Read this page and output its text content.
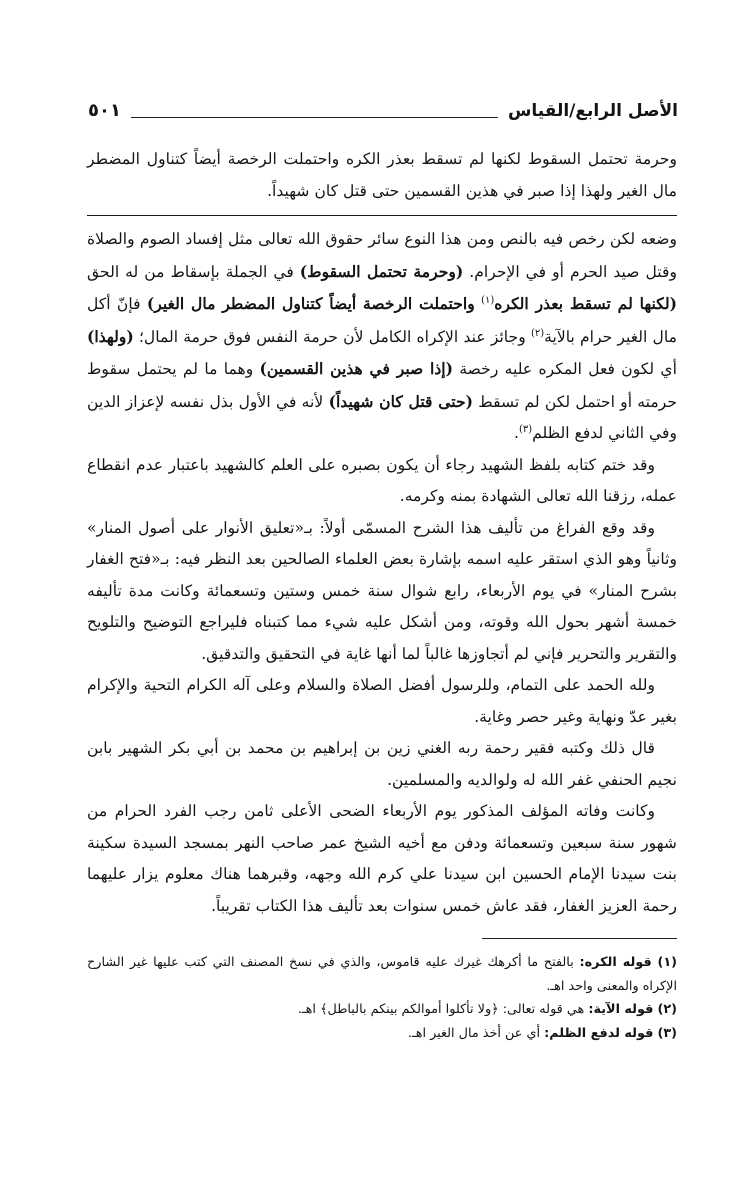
الأصل الرابع/القياس
٥٠١

وحرمة تحتمل السقوط لكنها لم تسقط بعذر الكره واحتملت الرخصة أيضاً كتناول المضطر مال الغير ولهذا إذا صبر في هذين القسمين حتى قتل كان شهيداً.

وضعه لكن رخص فيه بالنص ومن هذا النوع سائر حقوق الله تعالى مثل إفساد الصوم والصلاة وقتل صيد الحرم أو في الإحرام. (وحرمة تحتمل السقوط) في الجملة بإسقاط من له الحق (لكنها لم تسقط بعذر الكره$^{(١)}$ واحتملت الرخصة أيضاً كتناول المضطر مال الغير) فإنّ أكل مال الغير حرام بالآية$^{(٢)}$ وجائز عند الإكراه الكامل لأن حرمة النفس فوق حرمة المال؛ (ولهذا) أي لكون فعل المكره عليه رخصة (إذا صبر في هذين القسمين) وهما ما لم يحتمل سقوط حرمته أو احتمل لكن لم تسقط (حتى قتل كان شهيداً) لأنه في الأول بذل نفسه لإعزاز الدين وفي الثاني لدفع الظلم$^{(٣)}$.

وقد ختم كتابه بلفظ الشهيد رجاء أن يكون بصبره على العلم كالشهيد باعتبار عدم انقطاع عمله، رزقنا الله تعالى الشهادة بمنه وكرمه.

وقد وقع الفراغ من تأليف هذا الشرح المسمّى أولاً: بـ«تعليق الأنوار على أصول المنار» وثانياً وهو الذي استقر عليه اسمه بإشارة بعض العلماء الصالحين بعد النظر فيه: بـ«فتح الغفار بشرح المنار» في يوم الأربعاء، رابع شوال سنة خمس وستين وتسعمائة وكانت مدة تأليفه خمسة أشهر بحول الله وقوته، ومن أشكل عليه شيء مما كتبناه فليراجع التوضيح والتلويح والتقرير والتحرير فإني لم أتجاوزها غالباً لما أنها غاية في التحقيق والتدقيق.

ولله الحمد على التمام، وللرسول أفضل الصلاة والسلام وعلى آله الكرام التحية والإكرام بغير عدّ ونهاية وغير حصر وغاية.

قال ذلك وكتبه فقير رحمة ربه الغني زين بن إبراهيم بن محمد بن أبي بكر الشهير بابن نجيم الحنفي غفر الله له ولوالديه والمسلمين.

وكانت وفاته المؤلف المذكور يوم الأربعاء الضحى الأعلى ثامن رجب الفرد الحرام من شهور سنة سبعين وتسعمائة ودفن مع أخيه الشيخ عمر صاحب النهر بمسجد السيدة سكينة بنت سيدنا الإمام الحسين ابن سيدنا علي كرم الله وجهه، وقبرهما هناك معلوم يزار عليهما رحمة العزيز الغفار، فقد عاش خمس سنوات بعد تأليف هذا الكتاب تقريباً.

(١) قوله الكره: بالفتح ما أكرهك غيرك عليه قاموس، والذي في نسخ المصنف التي كتب عليها غير الشارح الإكراه والمعنى واحد اهـ.

(٢) قوله الآية: هي قوله تعالى: ﴿ولا تأكلوا أموالكم بينكم بالباطل﴾ اهـ.

(٣) قوله لدفع الظلم: أي عن أخذ مال الغير اهـ.
